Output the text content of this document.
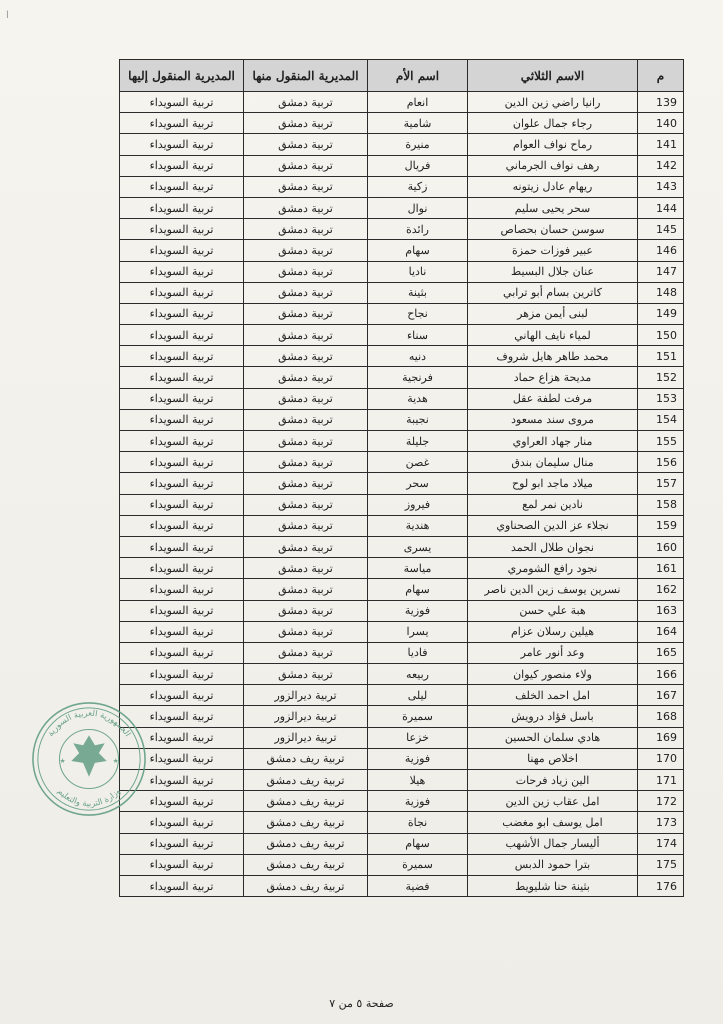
ا
م	الاسم الثلاثي	اسم الأم	المديرية المنقول منها	المديرية المنقول إليها
139	رانيا راضي زين الدين	انعام	تربية دمشق	تربية السويداء
140	رجاء جمال علوان	شامية	تربية دمشق	تربية السويداء
141	رماح نواف العوام	منيرة	تربية دمشق	تربية السويداء
142	رهف نواف الجرماني	فريال	تربية دمشق	تربية السويداء
143	ريهام عادل زيتونه	زكية	تربية دمشق	تربية السويداء
144	سحر يحيى سليم	نوال	تربية دمشق	تربية السويداء
145	سوسن حسان بحصاص	رائدة	تربية دمشق	تربية السويداء
146	عبير فوزات حمزة	سهام	تربية دمشق	تربية السويداء
147	عنان جلال البسيط	ناديا	تربية دمشق	تربية السويداء
148	كاترين بسام أبو ترابي	بثينة	تربية دمشق	تربية السويداء
149	لبنى أيمن مزهر	نجاح	تربية دمشق	تربية السويداء
150	لمياء نايف الهاني	سناء	تربية دمشق	تربية السويداء
151	محمد طاهر هايل شروف	دنيه	تربية دمشق	تربية السويداء
152	مديحة هزاع حماد	فرنجية	تربية دمشق	تربية السويداء
153	مرفت لطفة عقل	هدية	تربية دمشق	تربية السويداء
154	مروى سند مسعود	نجيبة	تربية دمشق	تربية السويداء
155	منار جهاد العراوي	جليلة	تربية دمشق	تربية السويداء
156	منال سليمان بندق	غصن	تربية دمشق	تربية السويداء
157	ميلاد ماجد ابو لوح	سحر	تربية دمشق	تربية السويداء
158	نادين نمر لمع	فيروز	تربية دمشق	تربية السويداء
159	نجلاء عز الدين الصحناوي	هندية	تربية دمشق	تربية السويداء
160	نجوان طلال الحمد	يسرى	تربية دمشق	تربية السويداء
161	نجود رافع الشومري	مياسة	تربية دمشق	تربية السويداء
162	نسرين يوسف زين الدين ناصر	سهام	تربية دمشق	تربية السويداء
163	هبة علي حسن	فوزية	تربية دمشق	تربية السويداء
164	هيلين رسلان عزام	يسرا	تربية دمشق	تربية السويداء
165	وعد أنور عامر	فاديا	تربية دمشق	تربية السويداء
166	ولاء منصور كيوان	ربيعه	تربية دمشق	تربية السويداء
167	امل احمد الخلف	ليلى	تربية ديرالزور	تربية السويداء
168	باسل فؤاد درويش	سميرة	تربية ديرالزور	تربية السويداء
169	هادي سلمان الحسين	خزعا	تربية ديرالزور	تربية السويداء
170	اخلاص مهنا	فوزية	تربية ريف دمشق	تربية السويداء
171	الين زياد فرحات	هيلا	تربية ريف دمشق	تربية السويداء
172	امل عقاب زين الدين	فوزية	تربية ريف دمشق	تربية السويداء
173	امل يوسف ابو مغضب	نجاة	تربية ريف دمشق	تربية السويداء
174	أليسار جمال الأشهب	سهام	تربية ريف دمشق	تربية السويداء
175	بترا حمود الدبس	سميرة	تربية ريف دمشق	تربية السويداء
176	بثينة حنا شليويط	فضية	تربية ريف دمشق	تربية السويداء
★	★
الجمهورية العربية السورية
وزارة التربية والتعليم
صفحة ٥ من ٧
